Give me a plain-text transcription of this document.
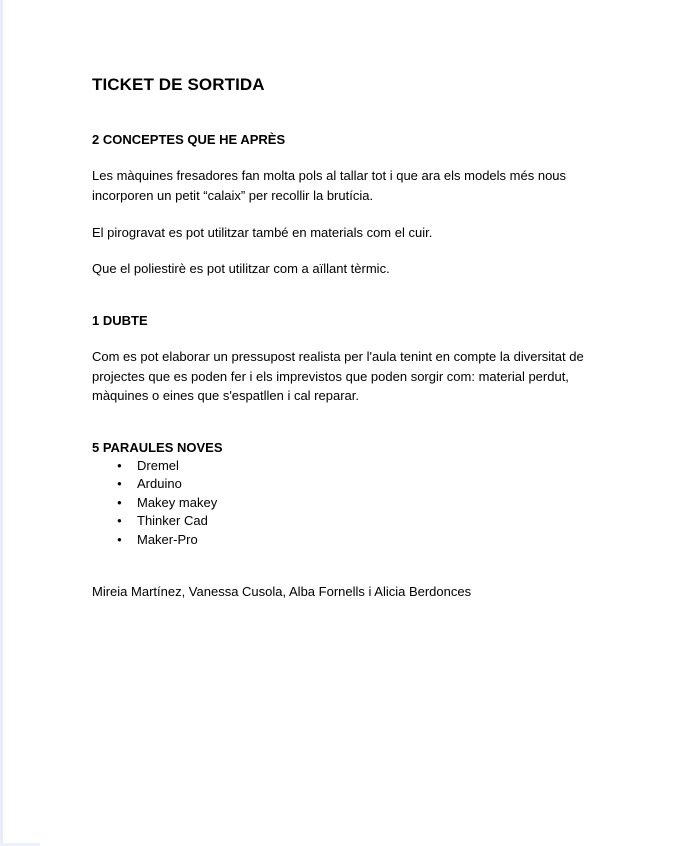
TICKET DE SORTIDA
2 CONCEPTES QUE HE APRÈS
Les màquines fresadores fan molta pols al tallar tot i que ara els models més nous
incorporen un petit “calaix” per recollir la brutícia.
El pirogravat es pot utilitzar també en materials com el cuir.
Que el poliestirè es pot utilitzar com a aïllant tèrmic.
1 DUBTE
Com es pot elaborar un pressupost realista per l'aula tenint en compte la diversitat de
projectes que es poden fer i els imprevistos que poden sorgir com: material perdut,
màquines o eines que s'espatllen i cal reparar.
5 PARAULES NOVES
●	Dremel
●	Arduino
●	Makey makey
●	Thinker Cad
●	Maker-Pro
Mireia Martínez, Vanessa Cusola, Alba Fornells i Alicia Berdonces
